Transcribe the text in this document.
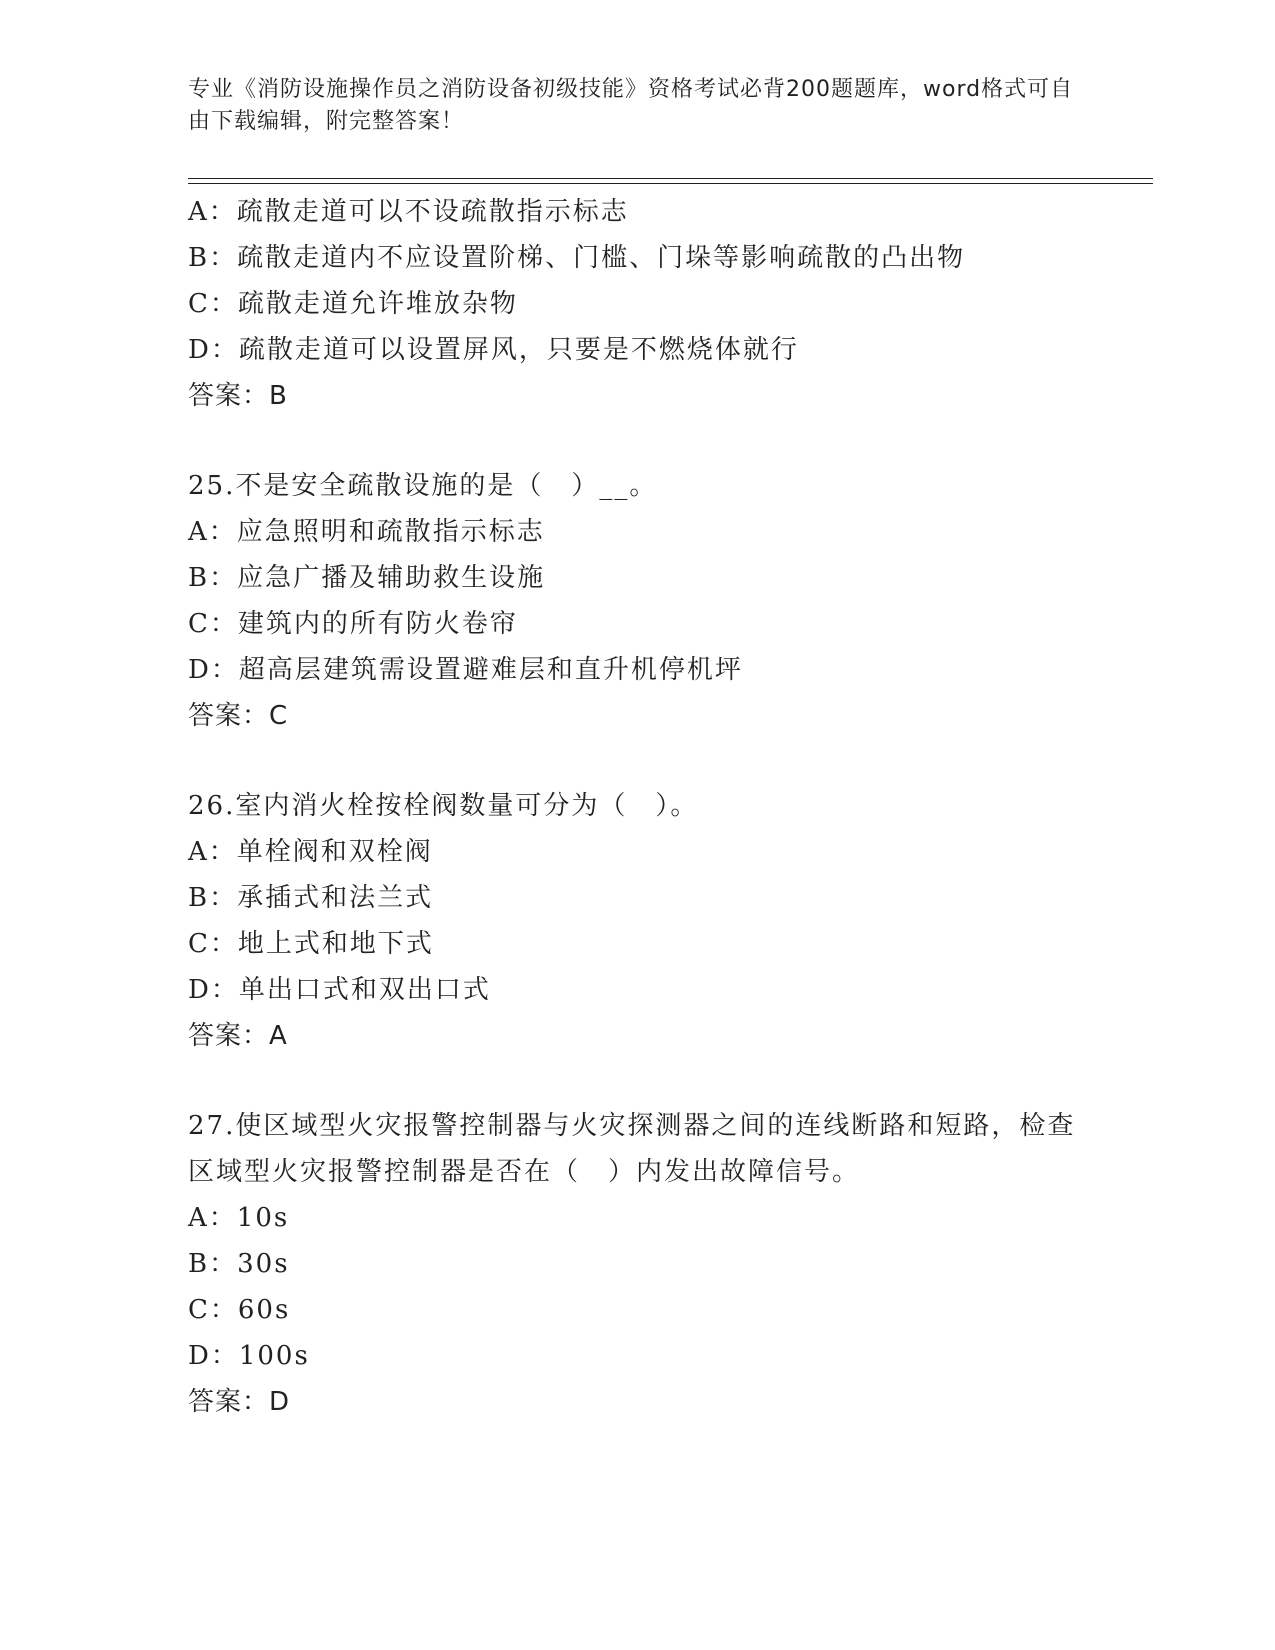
专业《消防设施操作员之消防设备初级技能》资格考试必背200题题库，word格式可自由下载编辑，附完整答案！
A：疏散走道可以不设疏散指示标志
B：疏散走道内不应设置阶梯、门槛、门垛等影响疏散的凸出物
C：疏散走道允许堆放杂物
D：疏散走道可以设置屏风，只要是不燃烧体就行
答案：B
25.不是安全疏散设施的是（　）__。
A：应急照明和疏散指示标志
B：应急广播及辅助救生设施
C：建筑内的所有防火卷帘
D：超高层建筑需设置避难层和直升机停机坪
答案：C
26.室内消火栓按栓阀数量可分为（　）。
A：单栓阀和双栓阀
B：承插式和法兰式
C：地上式和地下式
D：单出口式和双出口式
答案：A
27.使区域型火灾报警控制器与火灾探测器之间的连线断路和短路，检查区域型火灾报警控制器是否在（　）内发出故障信号。
A：10s
B：30s
C：60s
D：100s
答案：D
